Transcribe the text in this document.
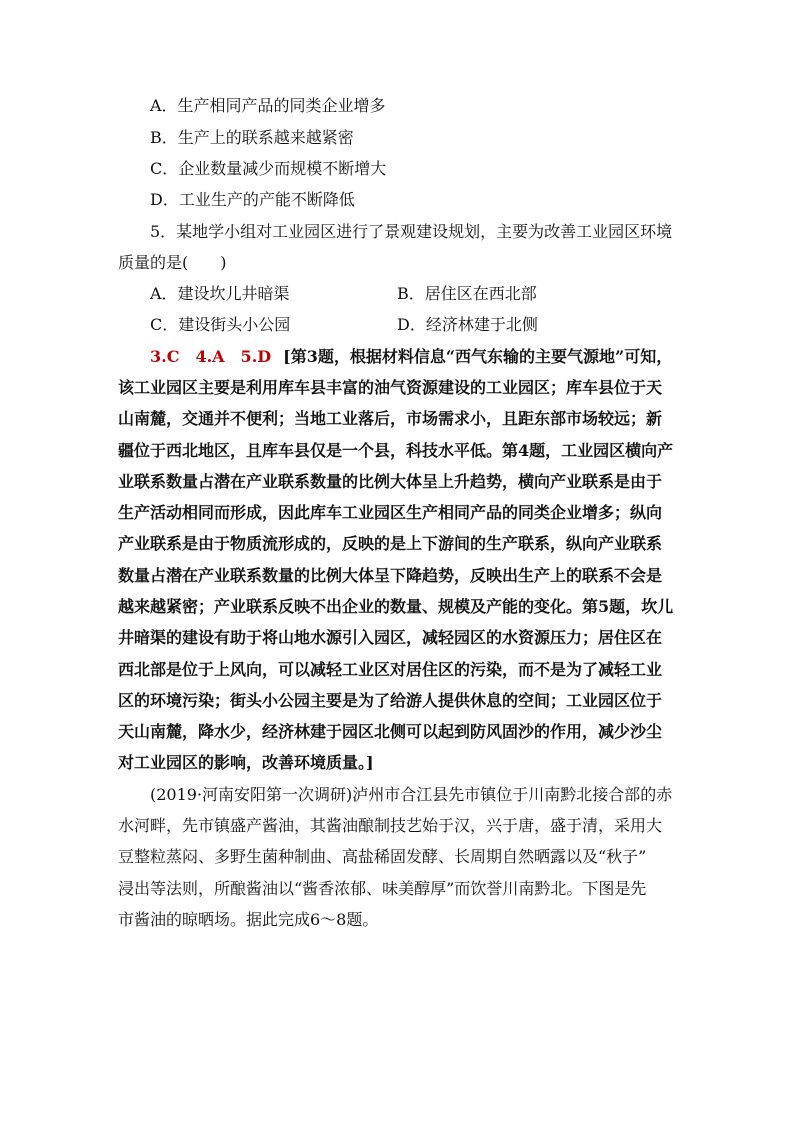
A．生产相同产品的同类企业增多
B．生产上的联系越来越紧密
C．企业数量减少而规模不断增大
D．工业生产的产能不断降低
5．某地学小组对工业园区进行了景观建设规划，主要为改善工业园区环境
质量的是(　　)
A．建设坎儿井暗渠	B．居住区在西北部
C．建设街头小公园	D．经济林建于北侧
3.C　4.A　5.D [第3题，根据材料信息“西气东输的主要气源地”可知，
该工业园区主要是利用库车县丰富的油气资源建设的工业园区；库车县位于天
山南麓，交通并不便利；当地工业落后，市场需求小，且距东部市场较远；新
疆位于西北地区，且库车县仅是一个县，科技水平低。第4题，工业园区横向产
业联系数量占潜在产业联系数量的比例大体呈上升趋势，横向产业联系是由于
生产活动相同而形成，因此库车工业园区生产相同产品的同类企业增多；纵向
产业联系是由于物质流形成的，反映的是上下游间的生产联系，纵向产业联系
数量占潜在产业联系数量的比例大体呈下降趋势，反映出生产上的联系不会是
越来越紧密；产业联系反映不出企业的数量、规模及产能的变化。第5题，坎儿
井暗渠的建设有助于将山地水源引入园区，减轻园区的水资源压力；居住区在
西北部是位于上风向，可以减轻工业区对居住区的污染，而不是为了减轻工业
区的环境污染；街头小公园主要是为了给游人提供休息的空间；工业园区位于
天山南麓，降水少，经济林建于园区北侧可以起到防风固沙的作用，减少沙尘
对工业园区的影响，改善环境质量。]
(2019·河南安阳第一次调研)泸州市合江县先市镇位于川南黔北接合部的赤
水河畔，先市镇盛产酱油，其酱油酿制技艺始于汉，兴于唐，盛于清，采用大
豆整粒蒸闷、多野生菌种制曲、高盐稀固发酵、长周期自然晒露以及“秋子”
浸出等法则，所酿酱油以“酱香浓郁、味美醇厚”而饮誉川南黔北。下图是先
市酱油的晾晒场。据此完成6～8题。
